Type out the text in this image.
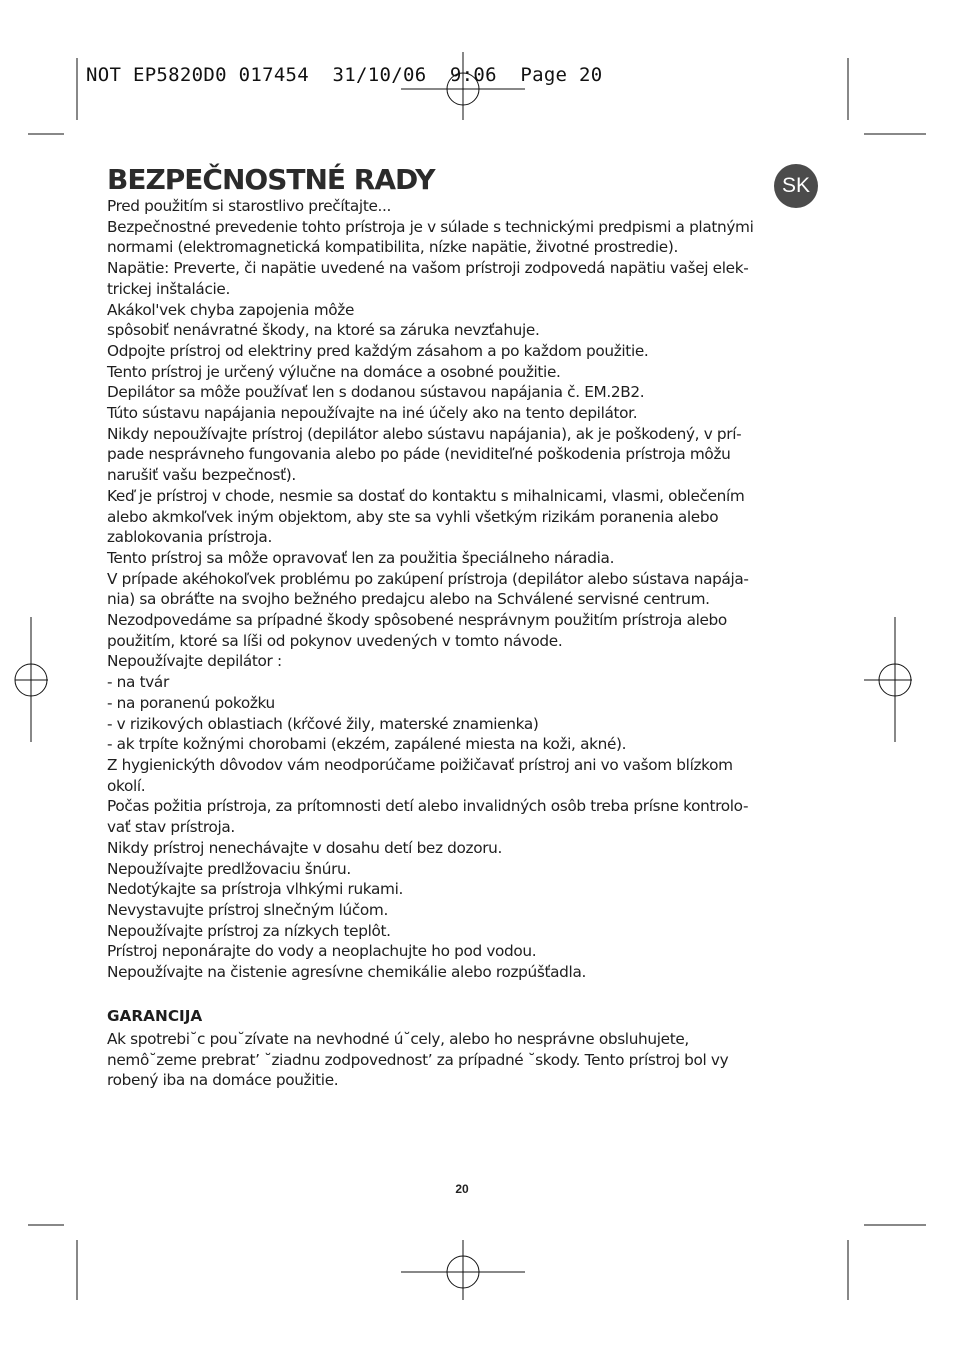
NOT EP5820D0 017454  31/10/06  9:06  Page 20
BEZPEČNOSTNÉ RADY	SK
Pred použitím si starostlivo prečítajte...
Bezpečnostné prevedenie tohto prístroja je v súlade s technickými predpismi a platnými
normami (elektromagnetická kompatibilita, nízke napätie, životné prostredie).
Napätie: Preverte, či napätie uvedené na vašom prístroji zodpovedá napätiu vašej elek-
trickej inštalácie.
Akákol'vek chyba zapojenia môže
spôsobiť nenávratné škody, na ktoré sa záruka nevzťahuje.
Odpojte prístroj od elektriny pred každým zásahom a po každom použitie.
Tento prístroj je určený výlučne na domáce a osobné použitie.
Depilátor sa môže používať len s dodanou sústavou napájania č. EM.2B2.
Túto sústavu napájania nepoužívajte na iné účely ako na tento depilátor.
Nikdy nepoužívajte prístroj (depilátor alebo sústavu napájania), ak je poškodený, v prí-
pade nesprávneho fungovania alebo po páde (neviditeľné poškodenia prístroja môžu
narušiť vašu bezpečnosť).
Keď je prístroj v chode, nesmie sa dostať do kontaktu s mihalnicami, vlasmi, oblečením
alebo akmkoľvek iným objektom, aby ste sa vyhli všetkým rizikám poranenia alebo
zablokovania prístroja.
Tento prístroj sa môže opravovať len za použitia špeciálneho náradia.
V prípade akéhokoľvek problému po zakúpení prístroja (depilátor alebo sústava napája-
nia) sa obráťte na svojho bežného predajcu alebo na Schválené servisné centrum.
Nezodpovedáme sa prípadné škody spôsobené nesprávnym použitím prístroja alebo
použitím, ktoré sa líši od pokynov uvedených v tomto návode.
Nepoužívajte depilátor :
- na tvár
- na poranenú pokožku
- v rizikových oblastiach (kŕčové žily, materské znamienka)
- ak trpíte kožnými chorobami (ekzém, zapálené miesta na koži, akné).
Z hygienickýth dôvodov vám neodporúčame poižičavať prístroj ani vo vašom blízkom
okolí.
Počas požitia prístroja, za prítomnosti detí alebo invalidných osôb treba prísne kontrolo-
vať stav prístroja.
Nikdy prístroj nenechávajte v dosahu detí bez dozoru.
Nepoužívajte predlžovaciu šnúru.
Nedotýkajte sa prístroja vlhkými rukami.
Nevystavujte prístroj slnečným lúčom.
Nepoužívajte prístroj za nízkych teplôt.
Prístroj neponárajte do vody a neoplachujte ho pod vodou.
Nepoužívajte na čistenie agresívne chemikálie alebo rozpúšťadla.
GARANCIJA
Ak spotrebi˘c pou˘zívate na nevhodné ú˘cely, alebo ho nesprávne obsluhujete,
nemô˘zeme prebrat’ ˘ziadnu zodpovednost’ za prípadné ˘skody. Tento prístroj bol vy
robený iba na domáce použitie.
20
